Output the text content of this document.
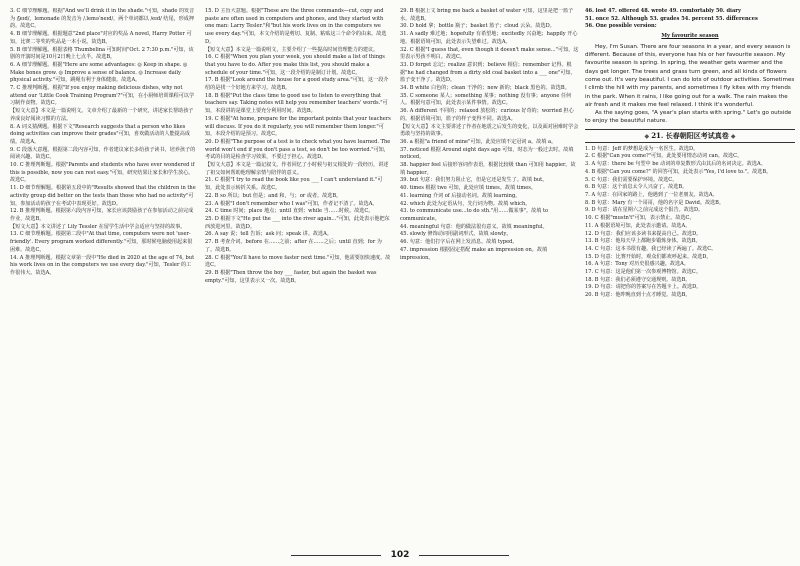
3. C 细节理解题。根据"And we'll drink it in the shade."可知，shade 的发音为 /ʃeɪd/，lemonade 的发音为 /ˌleməˈneɪd/，两个单词都以 /eɪd/ 结尾，形成押韵。故选C。

4. B 细节理解题。根据题意"2nd place"对应的奖品 A novel, Harry Potter 可知，比赛二等奖的奖品是一本小说。故选B。

5. B 细节理解题。根据表格 Thumbelina 可知时间"Oct. 2 7:30 p.m."可知，该剧的开演时间是10月2日晚上七点半。故选B。

6. A 细节理解题。根据"Here are some advantages: ◎ Keep in shape. ◎ Make bones grow. ◎ Improve a sense of balance. ◎ Increase daily physical activity."可知，跳绳有利于身体健康。故选A。

7. C 推理判断题。根据"If you enjoy making delicious dishes, why not attend our 'Little Cook Training Program'?"可知，在小厨师培训课程可以学习制作食物。故选C。

【短文大意】本文是一篇说明文。文章介绍了最新的一个研究，讲述家长帮助孩子养成良好阅读习惯的方法。

8. A 词义猜测题。根据下文"Research suggests that a person who likes doing activities can improve their grades"可知，喜欢做活动的人能提高成绩。故选A。

9. C 段落大意题。根据第二段内容可知，作者建议家长多给孩子读书，培养孩子的阅读兴趣。故选C。

10. C 推理判断题。根据"Parents and students who have ever wondered if this is possible, now you can rest easy."可知，研究结果让家长和学生放心。故选C。

11. D 细节理解题。根据第五段中的"Results showed that the children in the activity group did better on the tests than those who had no activity"可知，参加活动的孩子在考试中表现更好。故选D。

12. B 推理判断题。根据第六段内容可知，家长应该鼓励孩子在参加活动之前完成作业，故选B。

【短文大意】本文讲述了 Lily Tessler 在留学生活中学会适应与坚持的故事。

13. C 细节理解题。根据第二段中"At that time, computers were not 'user-friendly'. Every program worked differently."可知，那时候电脑使用起来很困难。故选C。

14. A 推理判断题。根据文章第一段中"He died in 2020 at the age of 74, but his work lives on in the computers we use every day."可知，Tesler 的工作很伟大。故选A。

15. D 主旨大意题。根据"These are the three commands—cut, copy and paste are often used in computers and phones, and they started with one man: Larry Tesler."和"but his work lives on in the computers we use every day."可知，本文介绍的是剪切、复制、粘贴这三个命令的由来。故选D。

【短文大意】本文是一篇说明文，主要介绍了一些提高时间管理能力的建议。

16. C 根据"When you plan your week, you should make a list of things that you have to do. After you make this list, you should make a schedule of your time."可知，这一段介绍的是制订计划。故选C。

17. B 根据"Look around the house for a good study area."可知，这一段介绍的是找一个好地方来学习。故选B。

18. B 根据"Put the class time to good use to listen to everything that teachers say. Taking notes will help you remember teachers' words."可知，本段讲的是课堂上要充分利用时间。故选B。

19. C 根据"At home, prepare for the important points that your teachers will discuss. If you do it regularly, you will remember them longer."可知，本段介绍的是预习。故选C。

20. D 根据"The purpose of a test is to check what you have learned. The world won't end if you don't pass a test, so don't be too worried."可知，考试的目的是检查学习效果，不要过于担心。故选D。

【短文大意】本文是一篇记叙文。作者回忆了小时候与祖父相处的一段经历，讲述了祖父如何帮助他理解亲情与陪伴的意义。

21. C 根据"I try to read the book like you ___ I can't understand it."可知，此处表示转折关系。故选C。

22. B so 所以；but 但是；and 和，与；or 或者。故选B。

23. A 根据"I don't remember who I was"可知，作者记不清了。故选A。

24. C time 时间；place 地点；until 直到；while 当……时候。故选C。

25. D 根据下文"He put the ___ into the river again..."可知，此处表示他把东西放进河里。故选D。

26. A say 说；tell 告诉；ask 问；speak 讲。故选A。

27. B 考查介词。before 在……之前；after 在……之后；until 直到；for 为了。故选B。

28. C 根据"You'll have to move faster next time."可知，他需要加快速度。故选C。

29. B 根据"Then throw the boy ___ faster, but again the basket was empty."可知，这里表示又一次。故选B。

29. B 根据上文 bring me back a basket of water 可知，这里是把一篮子水。故选B。

30. D hold 拿；bottle 瓶子；basket 篮子；cloud 云朵。故选D。

31. A sadly 难过地；hopefully 有希望地；excitedly 兴奋地；happily 开心地。根据语境可知，此处表示失望难过。故选A。

32. C 根据"I guess that, even though it doesn't make sense..."可知，这里表示男孩不明白。故选C。

33. D forget 忘记；realize 意识到；believe 相信；remember 记得。根据"he had changed from a dirty old coal basket into a ___ one"可知，篮子变干净了。故选D。

34. B white 白色的；clean 干净的；new 新的；black 黑色的。故选B。

35. C someone 某人；something 某事；nothing 没有事；anyone 任何人。根据句意可知，此处表示某件事情。故选C。

36. A different 不同的；relaxed 放松的；curious 好奇的；worried 担心的。根据语境可知，篮子的样子变得不同。故选A。

【短文大意】本文主要讲述了作者在地震之后发生的变化，以及面对困难时学会勇敢与坚持的故事。

36. a 根据"a friend of mine"可知，此处应填不定冠词 a。故填 a。

37. noticed 根据 Around eight days ago 可知，时态为一般过去时。故填 noticed。

38. happier feel 后接形容词作表语，根据比较级 than 可知用 happier。故填 happier。

39. but 句意：我们努力阻止它，但是它还是发生了。故填 but。

40. times 根据 two 可知，此处应填 times。故填 times。

41. learning 介词 of 后接动名词。故填 learning。

42. which 此处为定语从句，先行词为物。故填 which。

43. to communicate use...to do sth."用……做某事"。故填 to communicate。

44. meaningful 句意：他的做法很有意义。故填 meaningful。

45. slowly 修饰动词用副词形式。故填 slowly。

46. 句意：他们打字后在网上发消息。故填 typed。

47. impression 根据固定搭配 make an impression on。故填 impression。

46. lost 47. offered 48. wrote 49. comfortably 50. diary

51. once 52. Although 53. grades 54. percent 55. differences

56. One possible version:

My favourite season

Hey, I'm Susan. There are four seasons in a year, and every season is different. Because of this, everyone has his or her favourite season. My favourite season is spring. In spring, the weather gets warmer and the days get longer. The trees and grass turn green, and all kinds of flowers come out. It's very beautiful. I can do lots of outdoor activities. Sometimes I climb the hill with my parents, and sometimes I fly kites with my friends in the park. When it rains, I like going out for a walk. The rain makes the air fresh and it makes me feel relaxed. I think it's wonderful.

As the saying goes, "A year's plan starts with spring." Let's go outside to enjoy the beautiful nature.

◆ 21. 长春朝阳区考试真卷 ◆

1. D 句意：Jeff 的梦想是成为一名医生。故选D。

2. C 根据"Can you come?"可知，此处要用情态动词 can。故选C。

3. A 句意：there be 句型中 be 动词的单复数形式由其后的名词决定。故选A。

4. B 根据"Can you come?" 的回答可知，此处表示"Yes, I'd love to."。故选B。

5. C 句意：我们需要保护环境。故选C。

6. B 句意：这个消息太令人兴奋了。故选B。

7. A 句意：在回家的路上，他遇到了一位老朋友。故选A。

8. B 句意：Mary 有一个哥哥，他的名字是 David。故选B。

9. D 句意：请在星期六之前完成这个报告。故选D。

10. C 根据"mustn't"可知，表示禁止。故选C。

11. A 根据语境可知，此处表示邀请。故选A。

12. D 句意：我们应该多读书来提高自己。故选D。

13. B 句意：他每天早上都跑步锻炼身体。故选B。

14. C 句意：这本书很有趣，我已经读了两遍了。故选C。

15. D 句意：比赛开始时，观众们都欢呼起来。故选D。

16. A 句意：Tony 对历史很感兴趣。故选A。

17. C 句意：这是他们第一次参观博物馆。故选C。

18. B 句意：我们必须遵守交通规则。故选B。

19. D 句意：请把你的答案写在答题卡上。故选D。

20. B 句意：他昨晚直到十点才睡觉。故选B。

102
